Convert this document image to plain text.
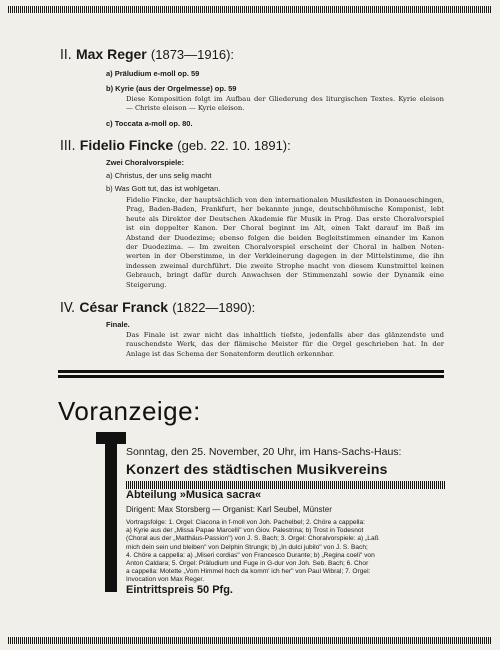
II. Max Reger (1873—1916):
a) Präludium e-moll op. 59
b) Kyrie (aus der Orgelmesse) op. 59
Diese Komposition folgt im Aufbau der Gliederung des liturgischen Textes. Kyrie eleison
— Christe eleison — Kyrie eleison.
c) Toccata a-moll op. 80.
III. Fidelio Fincke (geb. 22. 10. 1891):
Zwei Choralvorspiele:
a) Christus, der uns selig macht
b) Was Gott tut, das ist wohlgetan.
Fidelio Fincke, der hauptsächlich von den internationalen Musikfesten in Donaueschingen,
Prag, Baden-Baden, Frankfurt, her bekannte junge, deutschböhmische Komponist, lebt
heute als Direktor der Deutschen Akademie für Musik in Prag. Das erste Choralvorspiel
ist ein doppelter Kanon. Der Choral beginnt im Alt, einen Takt darauf im Baß im
Abstand der Duodezime; ebenso folgen die beiden Begleitstimmen einander im Kanon
der Duodezima. — Im zweiten Choralvorspiel erscheint der Choral in halben Noten-
werten in der Oberstimme, in der Verkleinerung dagegen in der Mittelstimme, die ihn
indessen zweimal durchführt. Die zweite Strophe macht von diesem Kunstmittel keinen
Gebrauch, bringt dafür durch Anwachsen der Stimmenzahl sowie der Dynamik eine
Steigerung.
IV. César Franck (1822—1890):
Finale.
Das Finale ist zwar nicht das inhaltlich tiefste, jedenfalls aber das glänzendste und
rauschendste Werk, das der flämische Meister für die Orgel geschrieben hat. In der
Anlage ist das Schema der Sonatenform deutlich erkennbar.
Voranzeige:
Sonntag, den 25. November, 20 Uhr, im Hans-Sachs-Haus:
Konzert des städtischen Musikvereins
Abteilung »Musica sacra«
Dirigent: Max Storsberg — Organist: Karl Seubel, Münster
Vortragsfolge: 1. Orgel: Ciacona in f-moll von Joh. Pachelbel; 2. Chöre a cappella:
a) Kyrie aus der „Missa Papae Marcelli" von Giov. Palestrina; b) Trost in Todesnot
(Choral aus der „Matthäus-Passion") von J. S. Bach; 3. Orgel: Choralvorspiele: a) „Laß
mich dein sein und bleiben" von Delphin Strungk; b) „In dulci jubilo" von J. S. Bach;
4. Chöre a cappella: a) „Miseri cordias" von Francesco Durante; b) „Regina coeli" von
Anton Caldara; 5. Orgel: Präludium und Fuge in G-dur von Joh. Seb. Bach; 6. Chor
a cappella: Motette „Vom Himmel hoch da komm' ich her" von Paul Wibral; 7. Orgel:
Invocation von Max Reger.
Eintrittspreis 50 Pfg.
